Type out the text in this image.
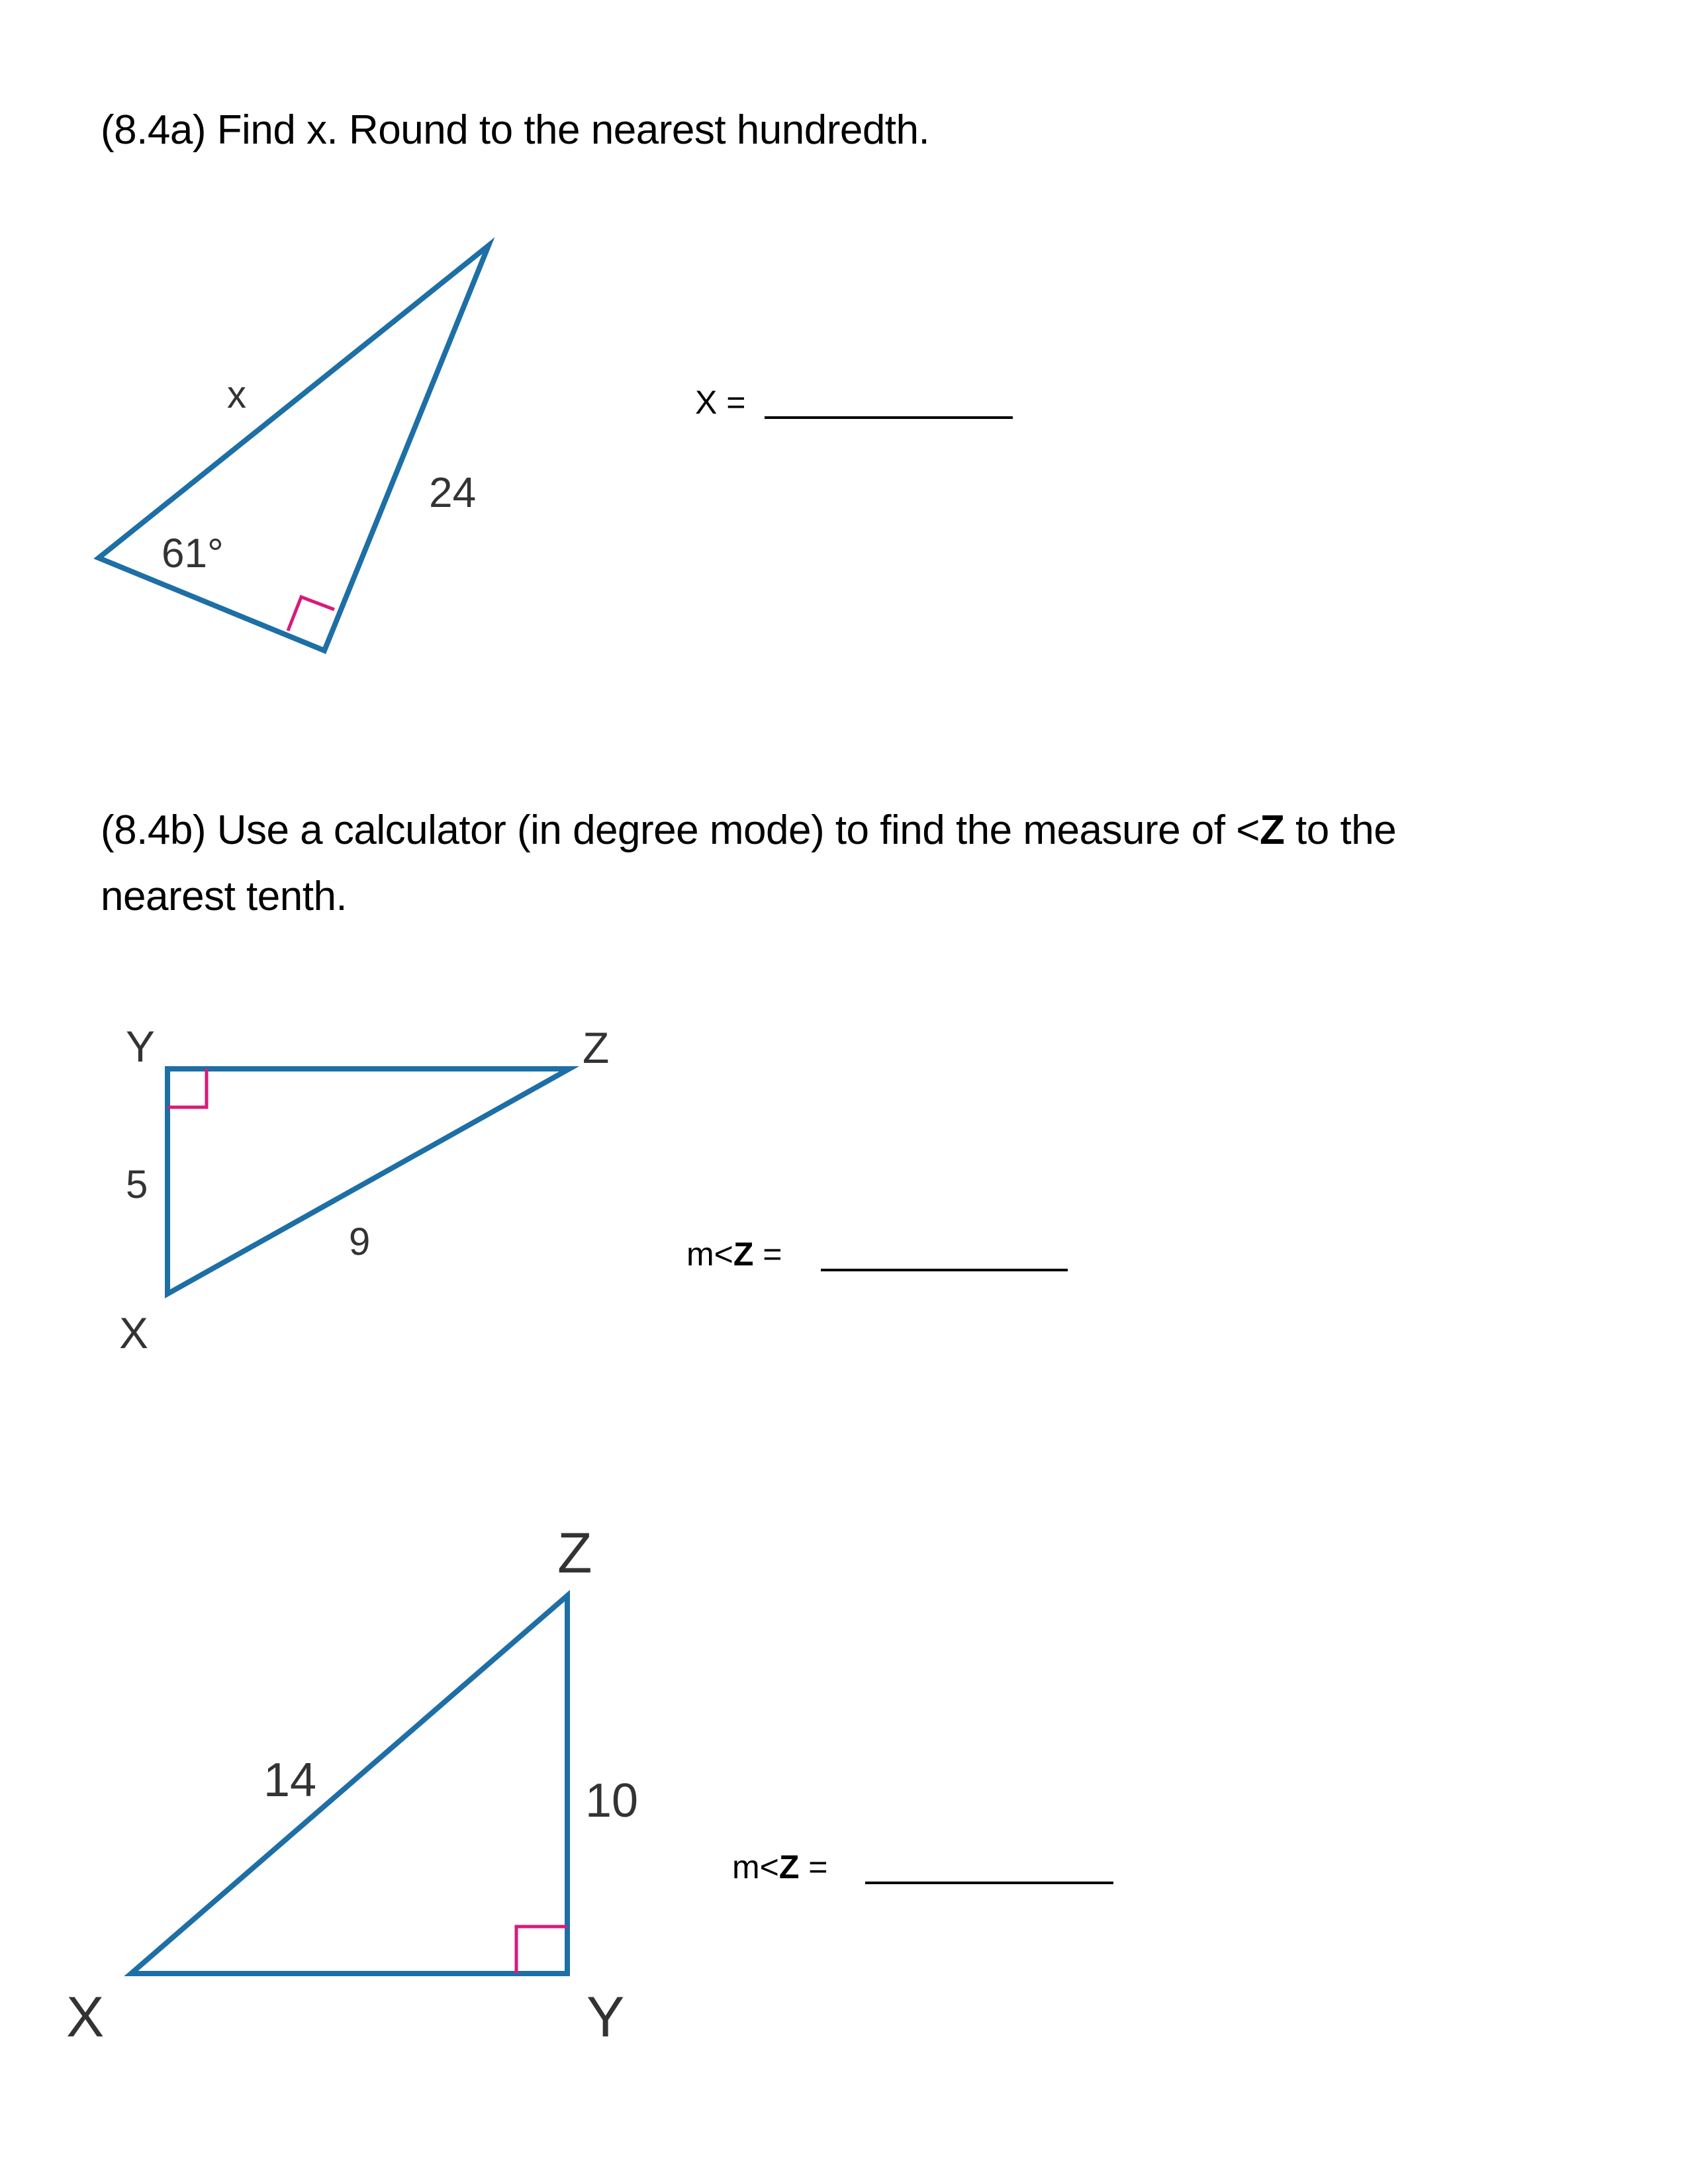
(8.4a) Find x. Round to the nearest hundredth.
x
24
61°
X =
(8.4b) Use a calculator (in degree mode) to find the measure of <Z to the
nearest tenth.
Y	Z
5
9
X
m<Z =
Z
14	10
X	Y
m<Z =
